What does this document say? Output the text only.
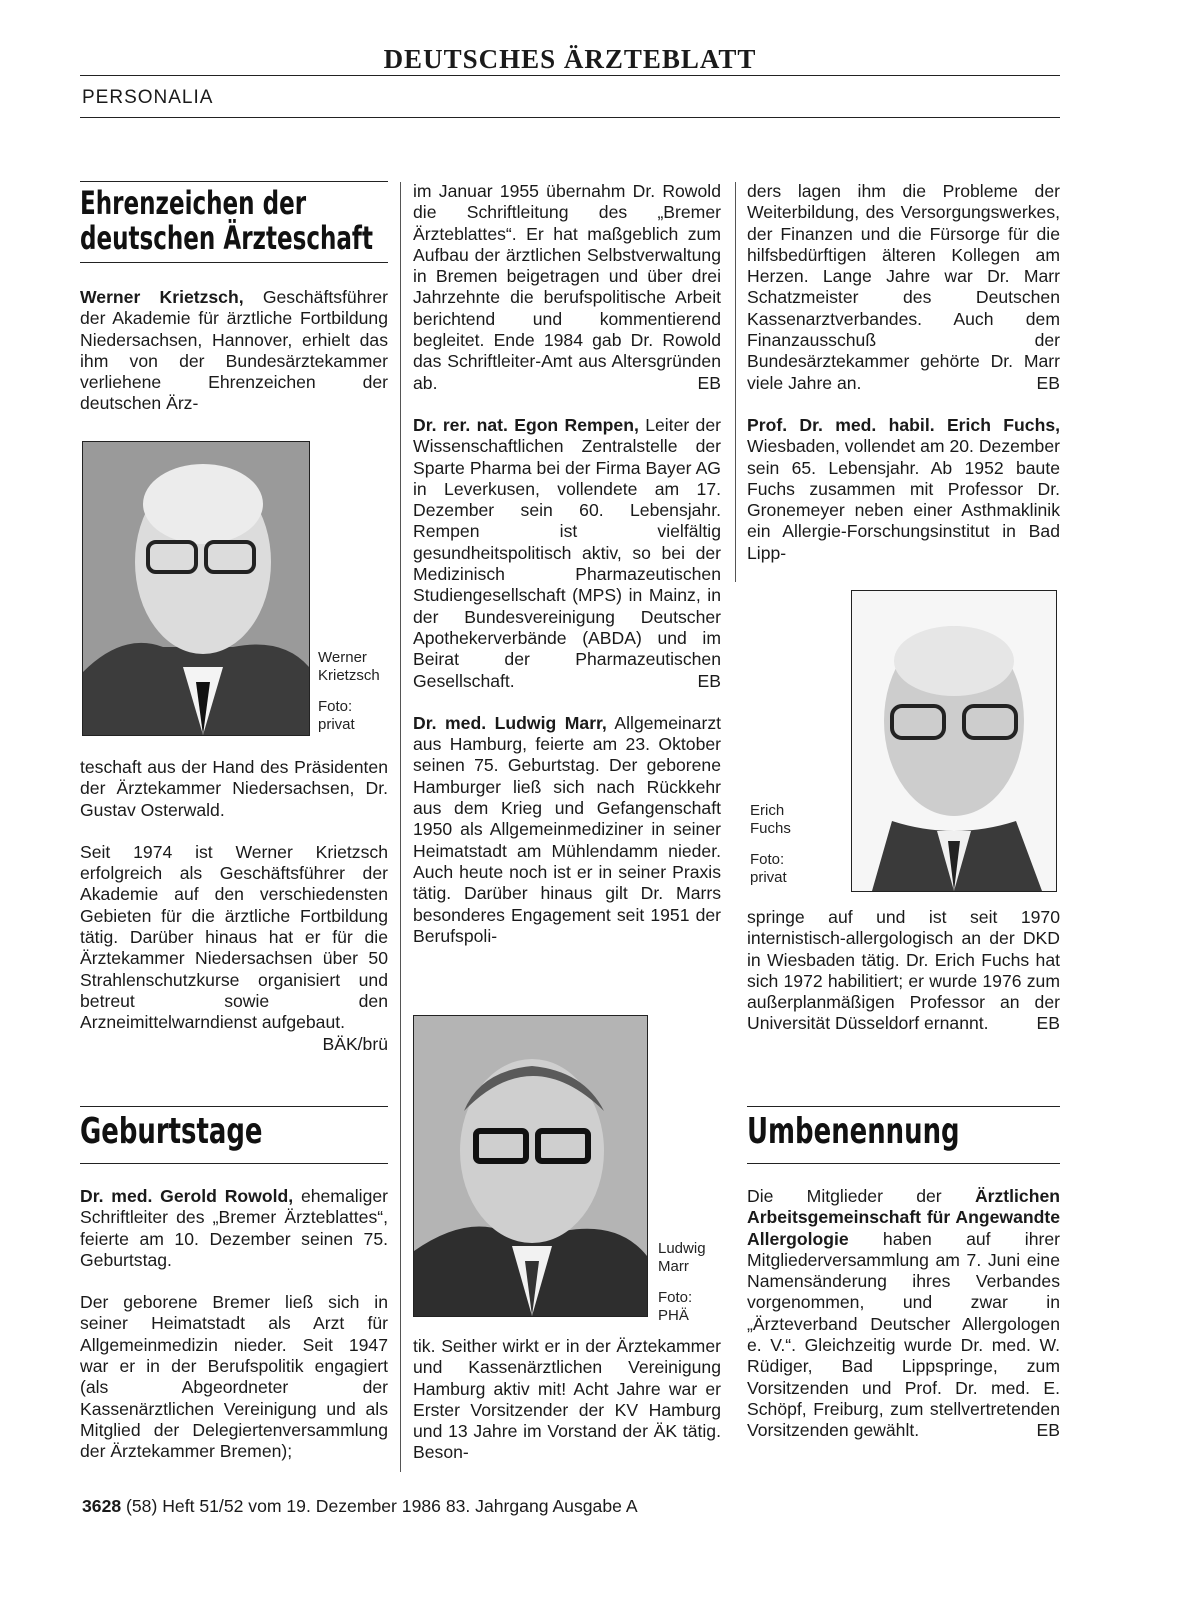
DEUTSCHES ÄRZTEBLATT
PERSONALIA
Ehrenzeichen der
deutschen Ärzteschaft

Werner Krietzsch, Geschäftsführer der Akademie für ärztliche Fortbildung Niedersachsen, Hannover, erhielt das ihm von der Bundesärztekammer verliehene Ehrenzeichen der deutschen Ärz-

Werner
Krietzsch
Foto:
privat

teschaft aus der Hand des Präsidenten der Ärztekammer Niedersachsen, Dr. Gustav Osterwald.

Seit 1974 ist Werner Krietzsch erfolgreich als Geschäftsführer der Akademie auf den verschiedensten Gebieten für die ärztliche Fortbildung tätig. Darüber hinaus hat er für die Ärztekammer Niedersachsen über 50 Strahlenschutzkurse organisiert und betreut sowie den Arzneimittelwarndienst aufgebaut.
BÄK/brü

Geburtstage

Dr. med. Gerold Rowold, ehemaliger Schriftleiter des „Bremer Ärzteblattes“, feierte am 10. Dezember seinen 75. Geburtstag.

Der geborene Bremer ließ sich in seiner Heimatstadt als Arzt für Allgemeinmedizin nieder. Seit 1947 war er in der Berufspolitik engagiert (als Abgeordneter der Kassenärztlichen Vereinigung und als Mitglied der Delegiertenversammlung der Ärztekammer Bremen);

im Januar 1955 übernahm Dr. Rowold die Schriftleitung des „Bremer Ärzteblattes“. Er hat maßgeblich zum Aufbau der ärztlichen Selbstverwaltung in Bremen beigetragen und über drei Jahrzehnte die berufspolitische Arbeit berichtend und kommentierend begleitet. Ende 1984 gab Dr. Rowold das Schriftleiter-Amt aus Altersgründen ab.	EB

Dr. rer. nat. Egon Rempen, Leiter der Wissenschaftlichen Zentralstelle der Sparte Pharma bei der Firma Bayer AG in Leverkusen, vollendete am 17. Dezember sein 60. Lebensjahr. Rempen ist vielfältig gesundheitspolitisch aktiv, so bei der Medizinisch Pharmazeutischen Studiengesellschaft (MPS) in Mainz, in der Bundesvereinigung Deutscher Apothekerverbände (ABDA) und im Beirat der Pharmazeutischen Gesellschaft.	EB

Dr. med. Ludwig Marr, Allgemeinarzt aus Hamburg, feierte am 23. Oktober seinen 75. Geburtstag. Der geborene Hamburger ließ sich nach Rückkehr aus dem Krieg und Gefangenschaft 1950 als Allgemeinmediziner in seiner Heimatstadt am Mühlendamm nieder. Auch heute noch ist er in seiner Praxis tätig. Darüber hinaus gilt Dr. Marrs besonderes Engagement seit 1951 der Berufspoli-

Ludwig
Marr
Foto:
PHÄ

tik. Seither wirkt er in der Ärztekammer und Kassenärztlichen Vereinigung Hamburg aktiv mit! Acht Jahre war er Erster Vorsitzender der KV Hamburg und 13 Jahre im Vorstand der ÄK tätig. Beson-

ders lagen ihm die Probleme der Weiterbildung, des Versorgungswerkes, der Finanzen und die Fürsorge für die hilfsbedürftigen älteren Kollegen am Herzen. Lange Jahre war Dr. Marr Schatzmeister des Deutschen Kassenarztverbandes. Auch dem Finanzausschuß der Bundesärztekammer gehörte Dr. Marr viele Jahre an.	EB

Prof. Dr. med. habil. Erich Fuchs, Wiesbaden, vollendet am 20. Dezember sein 65. Lebensjahr. Ab 1952 baute Fuchs zusammen mit Professor Dr. Gronemeyer neben einer Asthmaklinik ein Allergie-Forschungsinstitut in Bad Lipp-

Erich
Fuchs
Foto:
privat

springe auf und ist seit 1970 internistisch-allergologisch an der DKD in Wiesbaden tätig. Dr. Erich Fuchs hat sich 1972 habilitiert; er wurde 1976 zum außerplanmäßigen Professor an der Universität Düsseldorf ernannt.	EB

Umbenennung

Die Mitglieder der Ärztlichen Arbeitsgemeinschaft für Angewandte Allergologie haben auf ihrer Mitgliederversammlung am 7. Juni eine Namensänderung ihres Verbandes vorgenommen, und zwar in „Ärzteverband Deutscher Allergologen e. V.“. Gleichzeitig wurde Dr. med. W. Rüdiger, Bad Lippspringe, zum Vorsitzenden und Prof. Dr. med. E. Schöpf, Freiburg, zum stellvertretenden Vorsitzenden gewählt.	EB

3628 (58) Heft 51/52 vom 19. Dezember 1986 83. Jahrgang Ausgabe A
